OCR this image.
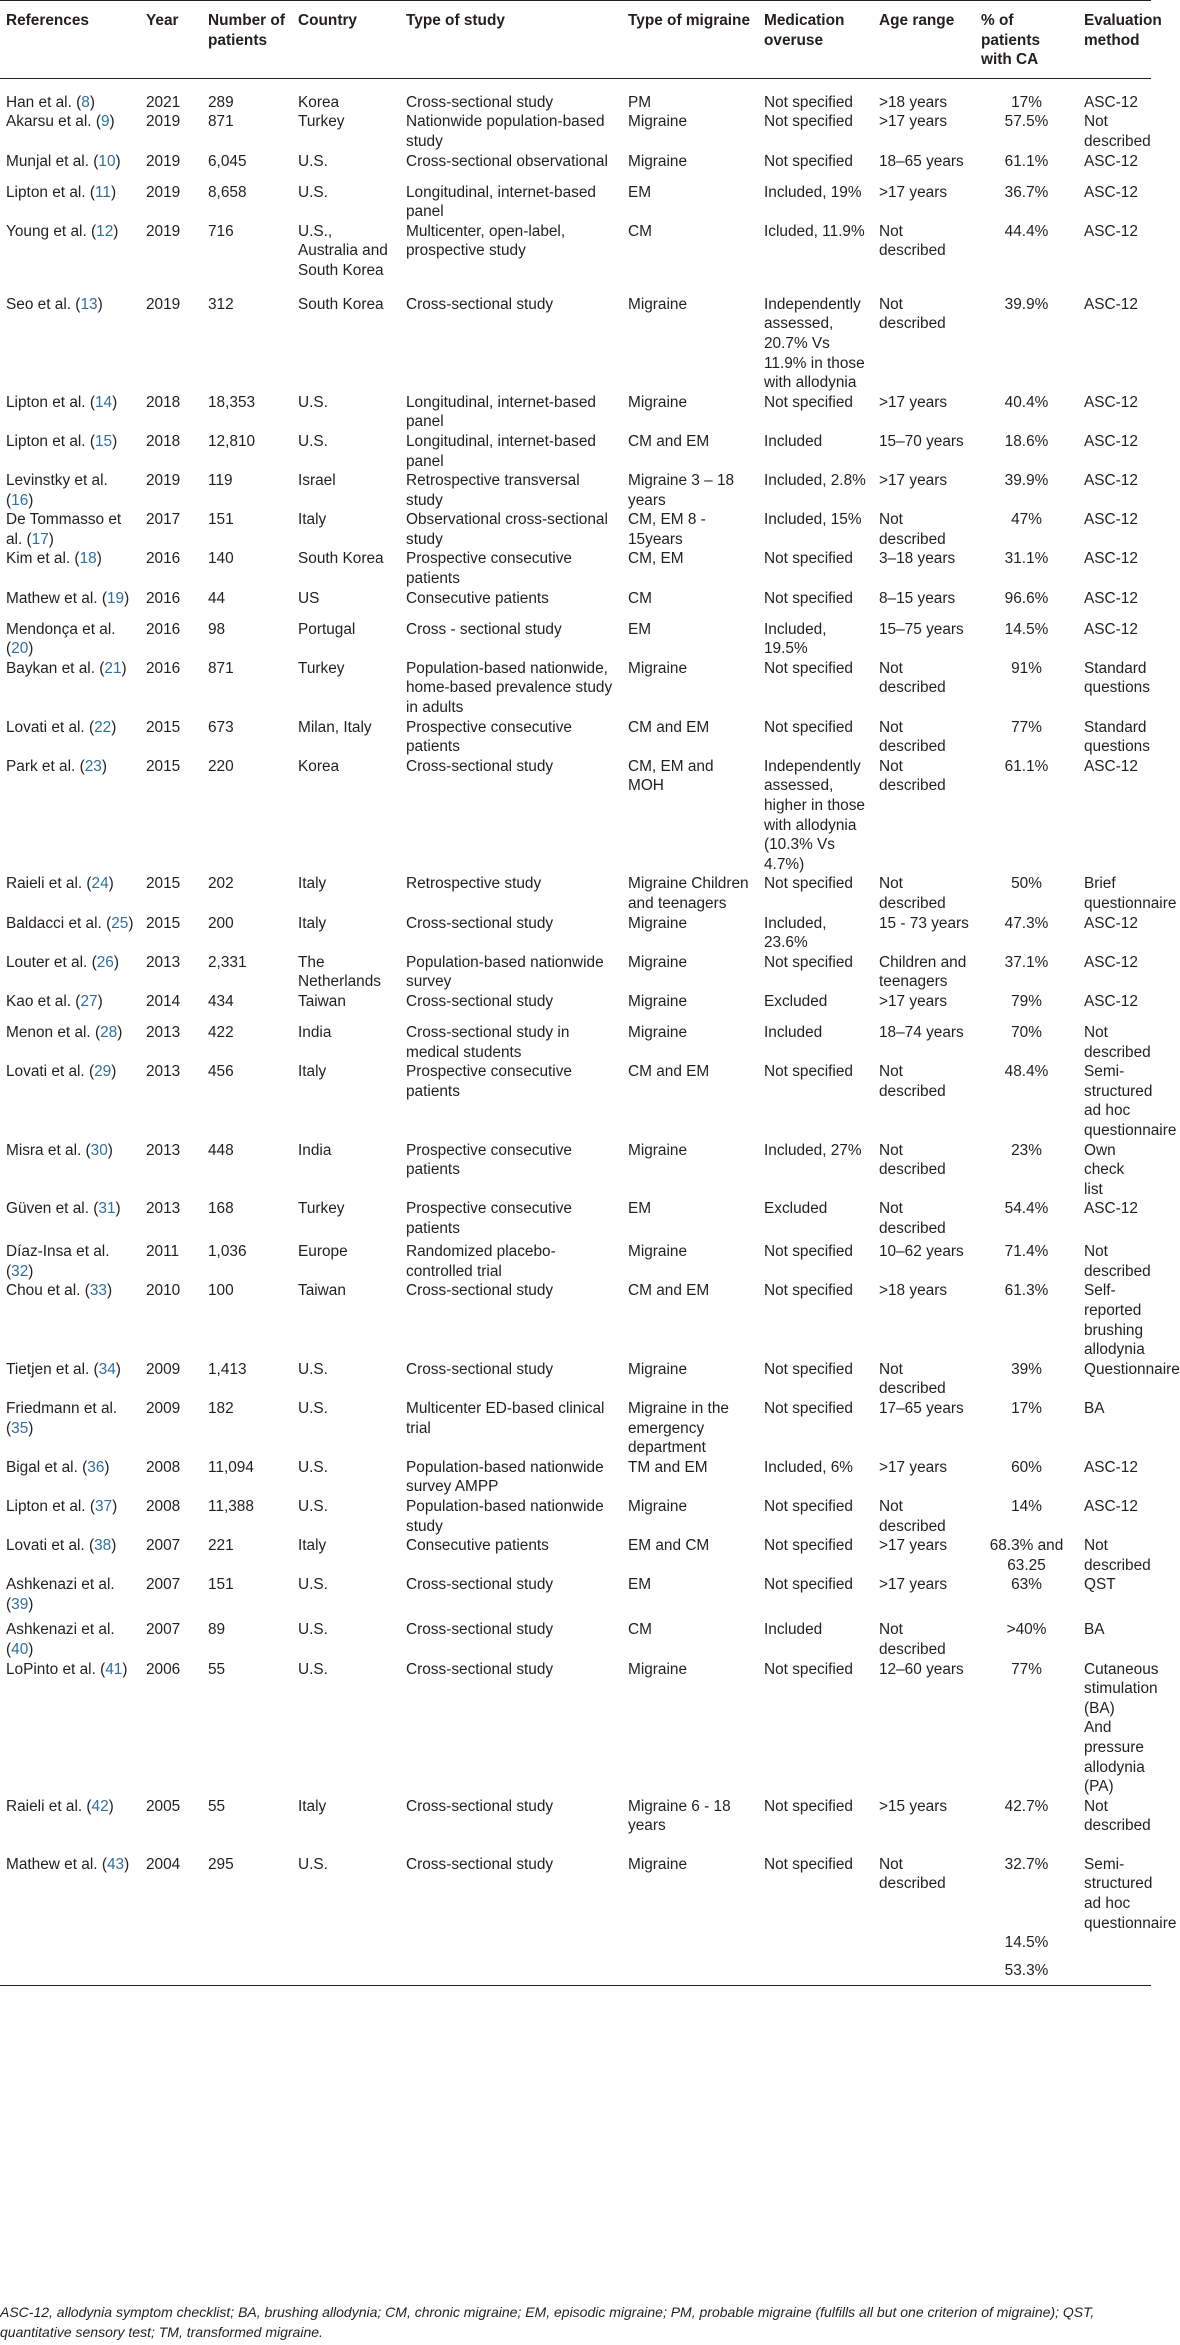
References	Year	Number of patients	Country	Type of study	Type of migraine	Medication overuse	Age range	% of patients with CA	Evaluation method
Han et al. (8)	2021	289	Korea	Cross-sectional study	PM	Not specified	>18 years	17%	ASC-12
Akarsu et al. (9)	2019	871	Turkey	Nationwide population-based study	Migraine	Not specified	>17 years	57.5%	Not described
Munjal et al. (10)	2019	6,045	U.S.	Cross-sectional observational	Migraine	Not specified	18–65 years	61.1%	ASC-12
Lipton et al. (11)	2019	8,658	U.S.	Longitudinal, internet-based panel	EM	Included, 19%	>17 years	36.7%	ASC-12
Young et al. (12)	2019	716	U.S., Australia and South Korea	Multicenter, open-label, prospective study	CM	Icluded, 11.9%	Not described	44.4%	ASC-12
Seo et al. (13)	2019	312	South Korea	Cross-sectional study	Migraine	Independently assessed, 20.7% Vs 11.9% in those with allodynia	Not described	39.9%	ASC-12
Lipton et al. (14)	2018	18,353	U.S.	Longitudinal, internet-based panel	Migraine	Not specified	>17 years	40.4%	ASC-12
Lipton et al. (15)	2018	12,810	U.S.	Longitudinal, internet-based panel	CM and EM	Included	15–70 years	18.6%	ASC-12
Levinstky et al. (16)	2019	119	Israel	Retrospective transversal study	Migraine 3 – 18 years	Included, 2.8%	>17 years	39.9%	ASC-12
De Tommasso et al. (17)	2017	151	Italy	Observational cross-sectional study	CM, EM 8 - 15years	Included, 15%	Not described	47%	ASC-12
Kim et al. (18)	2016	140	South Korea	Prospective consecutive patients	CM, EM	Not specified	3–18 years	31.1%	ASC-12
Mathew et al. (19)	2016	44	US	Consecutive patients	CM	Not specified	8–15 years	96.6%	ASC-12
Mendonça et al. (20)	2016	98	Portugal	Cross - sectional study	EM	Included, 19.5%	15–75 years	14.5%	ASC-12
Baykan et al. (21)	2016	871	Turkey	Population-based nationwide, home-based prevalence study in adults	Migraine	Not specified	Not described	91%	Standard questions
Lovati et al. (22)	2015	673	Milan, Italy	Prospective consecutive patients	CM and EM	Not specified	Not described	77%	Standard questions
Park et al. (23)	2015	220	Korea	Cross-sectional study	CM, EM and MOH	Independently assessed, higher in those with allodynia (10.3% Vs 4.7%)	Not described	61.1%	ASC-12
Raieli et al. (24)	2015	202	Italy	Retrospective study	Migraine Children and teenagers	Not specified	Not described	50%	Brief questionnaire
Baldacci et al. (25)	2015	200	Italy	Cross-sectional study	Migraine	Included, 23.6%	15 - 73 years	47.3%	ASC-12
Louter et al. (26)	2013	2,331	The Netherlands	Population-based nationwide survey	Migraine	Not specified	Children and teenagers	37.1%	ASC-12
Kao et al. (27)	2014	434	Taiwan	Cross-sectional study	Migraine	Excluded	>17 years	79%	ASC-12
Menon et al. (28)	2013	422	India	Cross-sectional study in medical students	Migraine	Included	18–74 years	70%	Not described
Lovati et al. (29)	2013	456	Italy	Prospective consecutive patients	CM and EM	Not specified	Not described	48.4%	Semi-structured ad hoc questionnaire
Misra et al. (30)	2013	448	India	Prospective consecutive patients	Migraine	Included, 27%	Not described	23%	Own check list
Güven et al. (31)	2013	168	Turkey	Prospective consecutive patients	EM	Excluded	Not described	54.4%	ASC-12
Díaz-Insa et al. (32)	2011	1,036	Europe	Randomized placebo-controlled trial	Migraine	Not specified	10–62 years	71.4%	Not described
Chou et al. (33)	2010	100	Taiwan	Cross-sectional study	CM and EM	Not specified	>18 years	61.3%	Self-reported brushing allodynia
Tietjen et al. (34)	2009	1,413	U.S.	Cross-sectional study	Migraine	Not specified	Not described	39%	Questionnaire
Friedmann et al. (35)	2009	182	U.S.	Multicenter ED-based clinical trial	Migraine in the emergency department	Not specified	17–65 years	17%	BA
Bigal et al. (36)	2008	11,094	U.S.	Population-based nationwide survey AMPP	TM and EM	Included, 6%	>17 years	60%	ASC-12
Lipton et al. (37)	2008	11,388	U.S.	Population-based nationwide study	Migraine	Not specified	Not described	14%	ASC-12
Lovati et al. (38)	2007	221	Italy	Consecutive patients	EM and CM	Not specified	>17 years	68.3% and 63.25	Not described
Ashkenazi et al. (39)	2007	151	U.S.	Cross-sectional study	EM	Not specified	>17 years	63%	QST
Ashkenazi et al. (40)	2007	89	U.S.	Cross-sectional study	CM	Included	Not described	>40%	BA
LoPinto et al. (41)	2006	55	U.S.	Cross-sectional study	Migraine	Not specified	12–60 years	77%	Cutaneous stimulation (BA) And pressure allodynia (PA)
Raieli et al. (42)	2005	55	Italy	Cross-sectional study	Migraine 6 - 18 years	Not specified	>15 years	42.7%	Not described
Mathew et al. (43)	2004	295	U.S.	Cross-sectional study	Migraine	Not specified	Not described	32.7%	Semi-structured ad hoc questionnaire
								14.5%	
								53.3%	
ASC-12, allodynia symptom checklist; BA, brushing allodynia; CM, chronic migraine; EM, episodic migraine; PM, probable migraine (fulfills all but one criterion of migraine); QST, quantitative sensory test; TM, transformed migraine.
